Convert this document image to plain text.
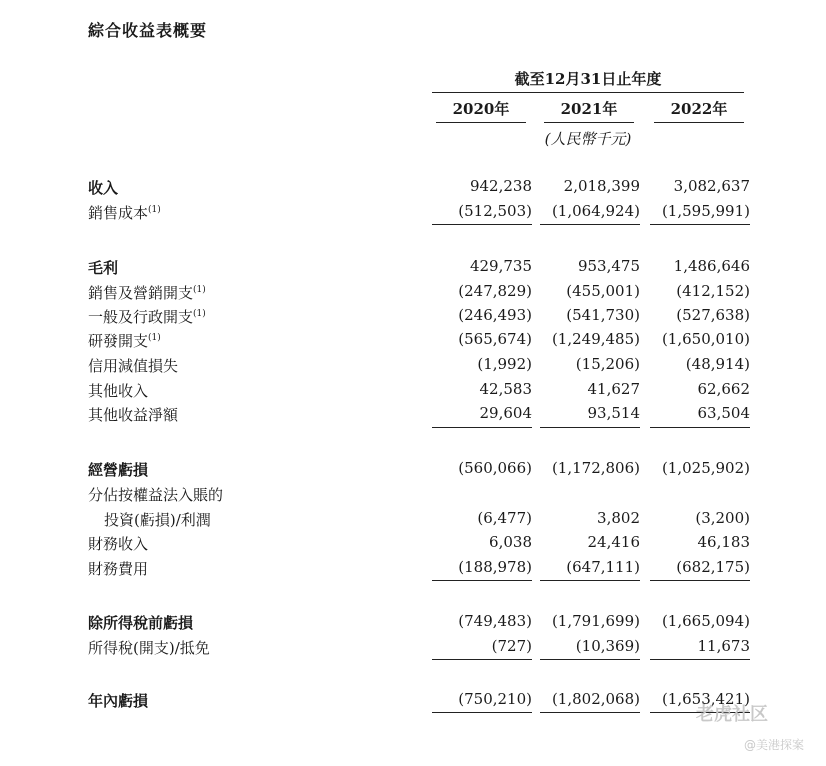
綜合收益表概要
截至12月31日止年度
2020年	2021年	2022年
(人民幣千元)
收入	942,238	2,018,399	3,082,637
銷售成本$^{(1)}$	(512,503)	(1,064,924)	(1,595,991)
毛利	429,735	953,475	1,486,646
銷售及營銷開支$^{(1)}$	(247,829)	(455,001)	(412,152)
一般及行政開支$^{(1)}$	(246,493)	(541,730)	(527,638)
研發開支$^{(1)}$	(565,674)	(1,249,485)	(1,650,010)
信用減值損失	(1,992)	(15,206)	(48,914)
其他收入	42,583	41,627	62,662
其他收益淨額	29,604	93,514	63,504
經營虧損	(560,066)	(1,172,806)	(1,025,902)
分佔按權益法入賬的
投資(虧損)/利潤	(6,477)	3,802	(3,200)
財務收入	6,038	24,416	46,183
財務費用	(188,978)	(647,111)	(682,175)
除所得稅前虧損	(749,483)	(1,791,699)	(1,665,094)
所得稅(開支)/抵免	(727)	(10,369)	11,673
年內虧損	(750,210)	(1,802,068)	(1,653,421)
老虎社区
@美港探案
